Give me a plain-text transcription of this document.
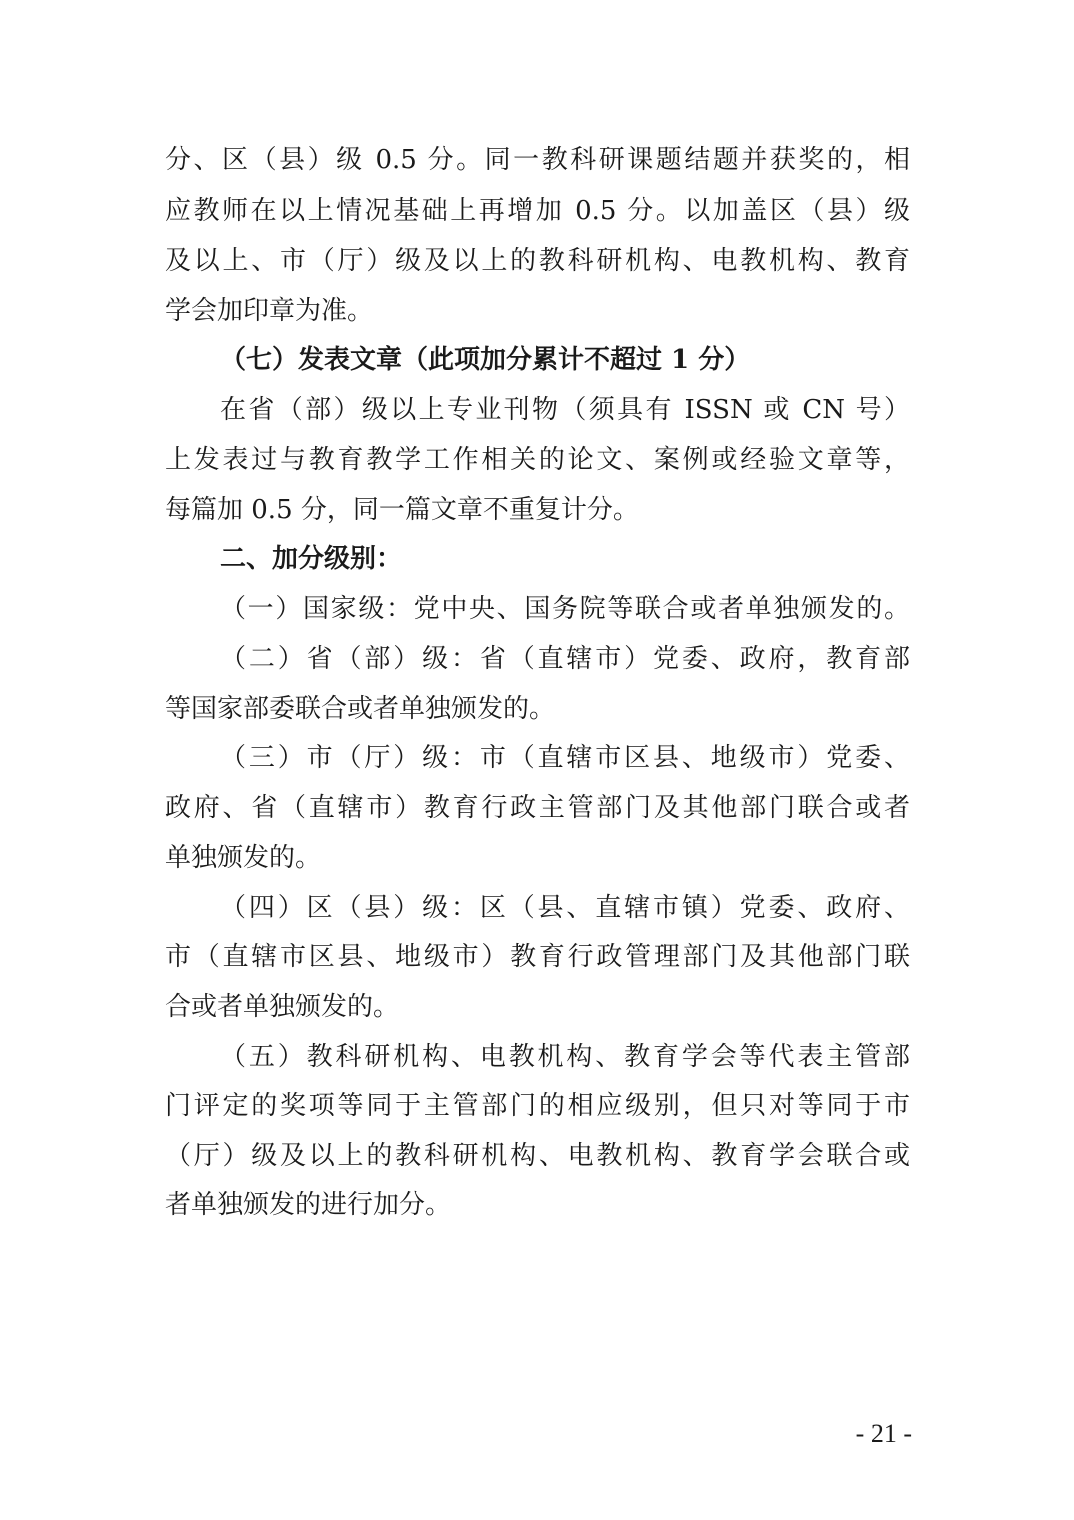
分、区（县）级 0.5 分。同一教科研课题结题并获奖的，相
应教师在以上情况基础上再增加 0.5 分。以加盖区（县）级
及以上、市（厅）级及以上的教科研机构、电教机构、教育
学会加印章为准。
（七）发表文章（此项加分累计不超过 1 分）
在省（部）级以上专业刊物（须具有 ISSN 或 CN 号）
上发表过与教育教学工作相关的论文、案例或经验文章等，
每篇加 0.5 分，同一篇文章不重复计分。
二、加分级别：
（一）国家级：党中央、国务院等联合或者单独颁发的。
（二）省（部）级：省（直辖市）党委、政府，教育部
等国家部委联合或者单独颁发的。
（三）市（厅）级：市（直辖市区县、地级市）党委、
政府、省（直辖市）教育行政主管部门及其他部门联合或者
单独颁发的。
（四）区（县）级：区（县、直辖市镇）党委、政府、
市（直辖市区县、地级市）教育行政管理部门及其他部门联
合或者单独颁发的。
（五）教科研机构、电教机构、教育学会等代表主管部
门评定的奖项等同于主管部门的相应级别，但只对等同于市
（厅）级及以上的教科研机构、电教机构、教育学会联合或
者单独颁发的进行加分。
- 21 -
